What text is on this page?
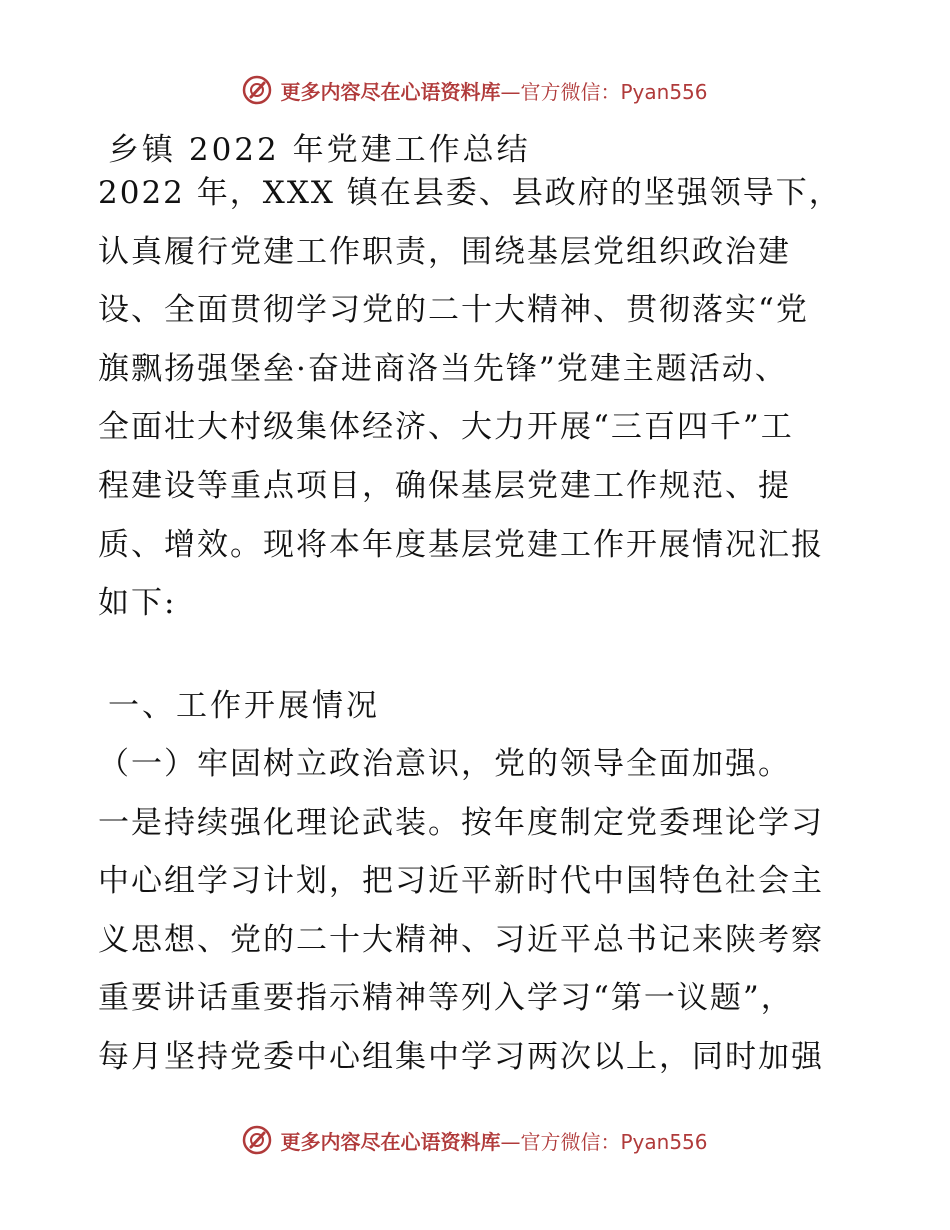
更多内容尽在心语资料库—官方微信：Pyan556
乡镇 2022 年党建工作总结
2022 年，XXX 镇在县委、县政府的坚强领导下，
认真履行党建工作职责，围绕基层党组织政治建
设、全面贯彻学习党的二十大精神、贯彻落实“党
旗飘扬强堡垒·奋进商洛当先锋”党建主题活动、
全面壮大村级集体经济、大力开展“三百四千”工
程建设等重点项目，确保基层党建工作规范、提
质、增效。现将本年度基层党建工作开展情况汇报
如下:
一、工作开展情况
（一）牢固树立政治意识，党的领导全面加强。
一是持续强化理论武装。按年度制定党委理论学习
中心组学习计划，把习近平新时代中国特色社会主
义思想、党的二十大精神、习近平总书记来陕考察
重要讲话重要指示精神等列入学习“第一议题”，
每月坚持党委中心组集中学习两次以上，同时加强
更多内容尽在心语资料库—官方微信：Pyan556
